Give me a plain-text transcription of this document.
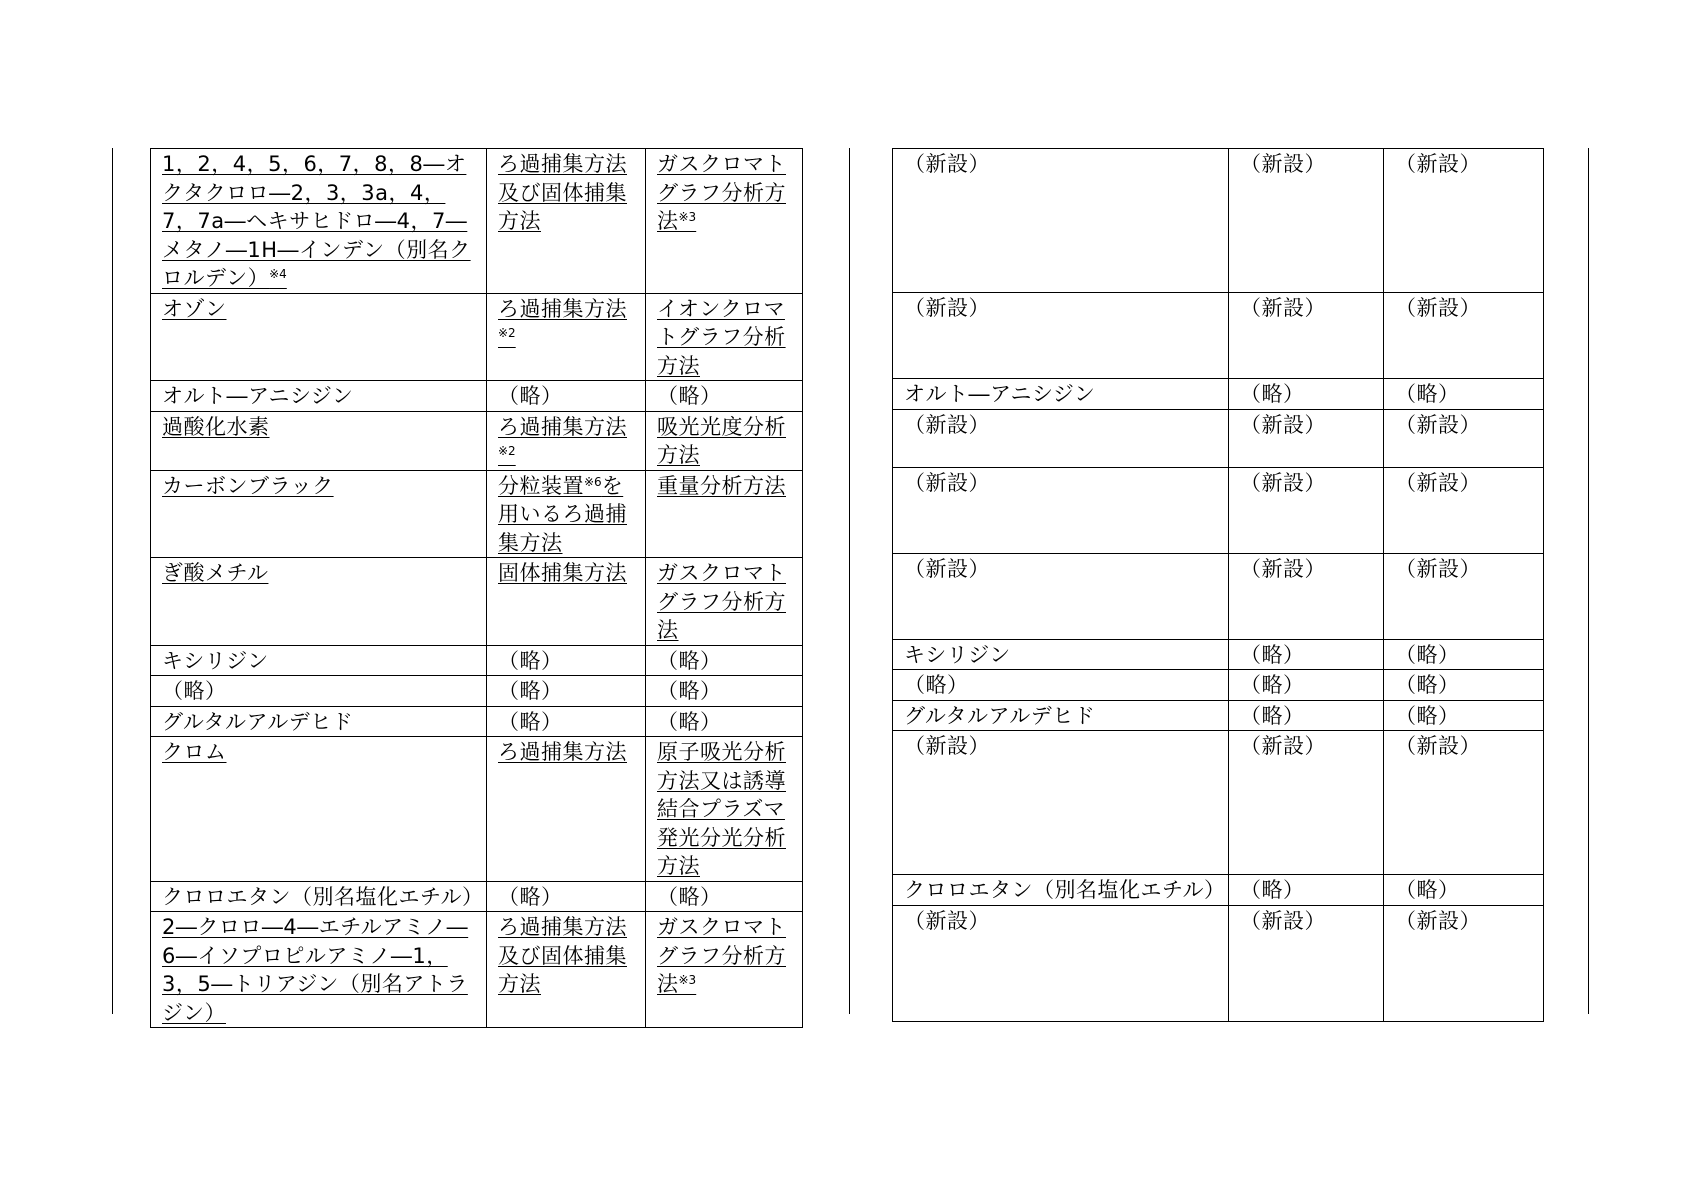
1，2，4，5，6，7，8，8―オクタクロロ―2，3，3a，4，7，7a―ヘキサヒドロ―4，7―メタノ―1H―インデン（別名クロルデン）$^{※4}$	ろ過捕集方法及び固体捕集方法	ガスクロマトグラフ分析方法$^{※3}$
オゾン	ろ過捕集方法$^{※2}$	イオンクロマトグラフ分析方法
オルト―アニシジン	（略）	（略）
過酸化水素	ろ過捕集方法$^{※2}$	吸光光度分析方法
カーボンブラック	分粒装置$^{※6}$を用いるろ過捕集方法	重量分析方法
ぎ酸メチル	固体捕集方法	ガスクロマトグラフ分析方法
キシリジン	（略）	（略）
（略）	（略）	（略）
グルタルアルデヒド	（略）	（略）
クロム	ろ過捕集方法	原子吸光分析方法又は誘導結合プラズマ発光分光分析方法
クロロエタン（別名塩化エチル）	（略）	（略）
2―クロロ―4―エチルアミノ―6―イソプロピルアミノ―1，3，5―トリアジン（別名アトラジン）	ろ過捕集方法及び固体捕集方法	ガスクロマトグラフ分析方法$^{※3}$
（新設）	（新設）	（新設）
（新設）	（新設）	（新設）
オルト―アニシジン	（略）	（略）
（新設）	（新設）	（新設）
（新設）	（新設）	（新設）
（新設）	（新設）	（新設）
キシリジン	（略）	（略）
（略）	（略）	（略）
グルタルアルデヒド	（略）	（略）
（新設）	（新設）	（新設）
クロロエタン（別名塩化エチル）	（略）	（略）
（新設）	（新設）	（新設）
